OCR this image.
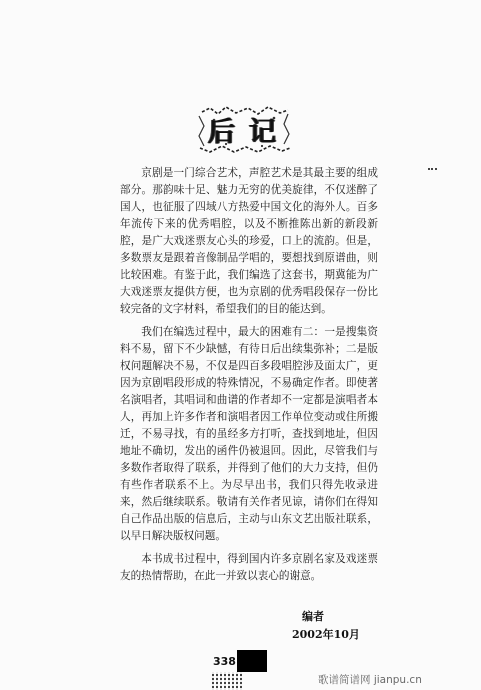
后记

京剧是一门综合艺术，声腔艺术是其最主要的组成部分。那韵味十足、魅力无穷的优美旋律，不仅迷醉了国人，也征服了四域八方热爱中国文化的海外人。百多年流传下来的优秀唱腔，以及不断推陈出新的新段新腔，是广大戏迷票友心头的珍爱，口上的流韵。但是，多数票友是跟着音像制品学唱的，要想找到原谱曲，则比较困难。有鉴于此，我们编选了这套书，期冀能为广大戏迷票友提供方便，也为京剧的优秀唱段保存一份比较完备的文字材料，希望我们的目的能达到。

我们在编选过程中，最大的困难有二：一是搜集资料不易，留下不少缺憾，有待日后出续集弥补；二是版权问题解决不易，不仅是四百多段唱腔涉及面太广，更因为京剧唱段形成的特殊情况，不易确定作者。即使著名演唱者，其唱词和曲谱的作者却不一定都是演唱者本人，再加上许多作者和演唱者因工作单位变动或住所搬迁，不易寻找，有的虽经多方打听，查找到地址，但因地址不确切，发出的函件仍被退回。因此，尽管我们与多数作者取得了联系，并得到了他们的大力支持，但仍有些作者联系不上。为尽早出书，我们只得先收录进来，然后继续联系。敬请有关作者见谅，请你们在得知自己作品出版的信息后，主动与山东文艺出版社联系，以早日解决版权问题。

本书成书过程中，得到国内许多京剧名家及戏迷票友的热情帮助，在此一并致以衷心的谢意。

编者
2002年10月
338
歌谱简谱网 jianpu.cn
